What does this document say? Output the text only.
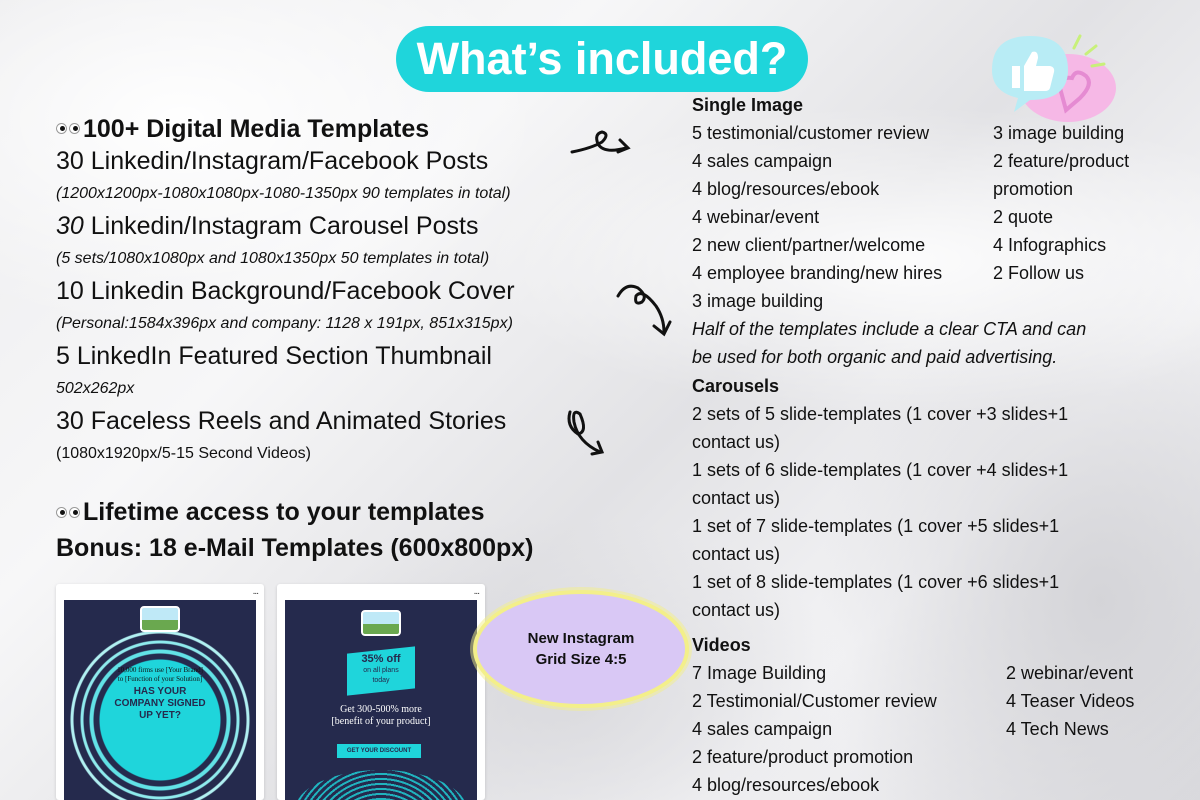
What’s included?
100+ Digital Media Templates
30 Linkedin/Instagram/Facebook Posts
(1200x1200px-1080x1080px-1080-1350px 90 templates in total)
30 Linkedin/Instagram Carousel Posts
(5 sets/1080x1080px and 1080x1350px 50 templates in total)
10 Linkedin Background/Facebook Cover
(Personal:1584x396px and company: 1128 x 191px, 851x315px)
5 LinkedIn Featured Section Thumbnail
502x262px
30 Faceless Reels and Animated Stories
(1080x1920px/5-15 Second Videos)
Lifetime access to your templates
Bonus: 18 e-Mail Templates (600x800px)
Single Image
5 testimonial/customer review
4 sales campaign
4 blog/resources/ebook
4 webinar/event
2 new client/partner/welcome
4 employee branding/new hires
3 image building
3 image building
2 feature/product
promotion
2 quote
4 Infographics
2 Follow us
Half of the templates include a clear CTA and can
be used for both organic and paid advertising.
Carousels
2 sets of 5 slide-templates (1 cover +3 slides+1
contact us)
1 sets of 6 slide-templates (1 cover +4 slides+1
contact us)
1 set of 7 slide-templates (1 cover +5 slides+1
contact us)
1 set of 8 slide-templates (1 cover +6 slides+1
contact us)
Videos
7 Image Building
2 Testimonial/Customer review
4 sales campaign
2 feature/product promotion
4 blog/resources/ebook
2 webinar/event
4 Teaser Videos
4 Tech News
...
10,000 firms use [Your Brand]
to [Function of your Solution]
HAS YOUR
COMPANY SIGNED
UP YET?
...
35% off
on all plans
today
Get 300-500% more
[benefit of your product]
GET YOUR DISCOUNT
New Instagram
Grid Size 4:5
